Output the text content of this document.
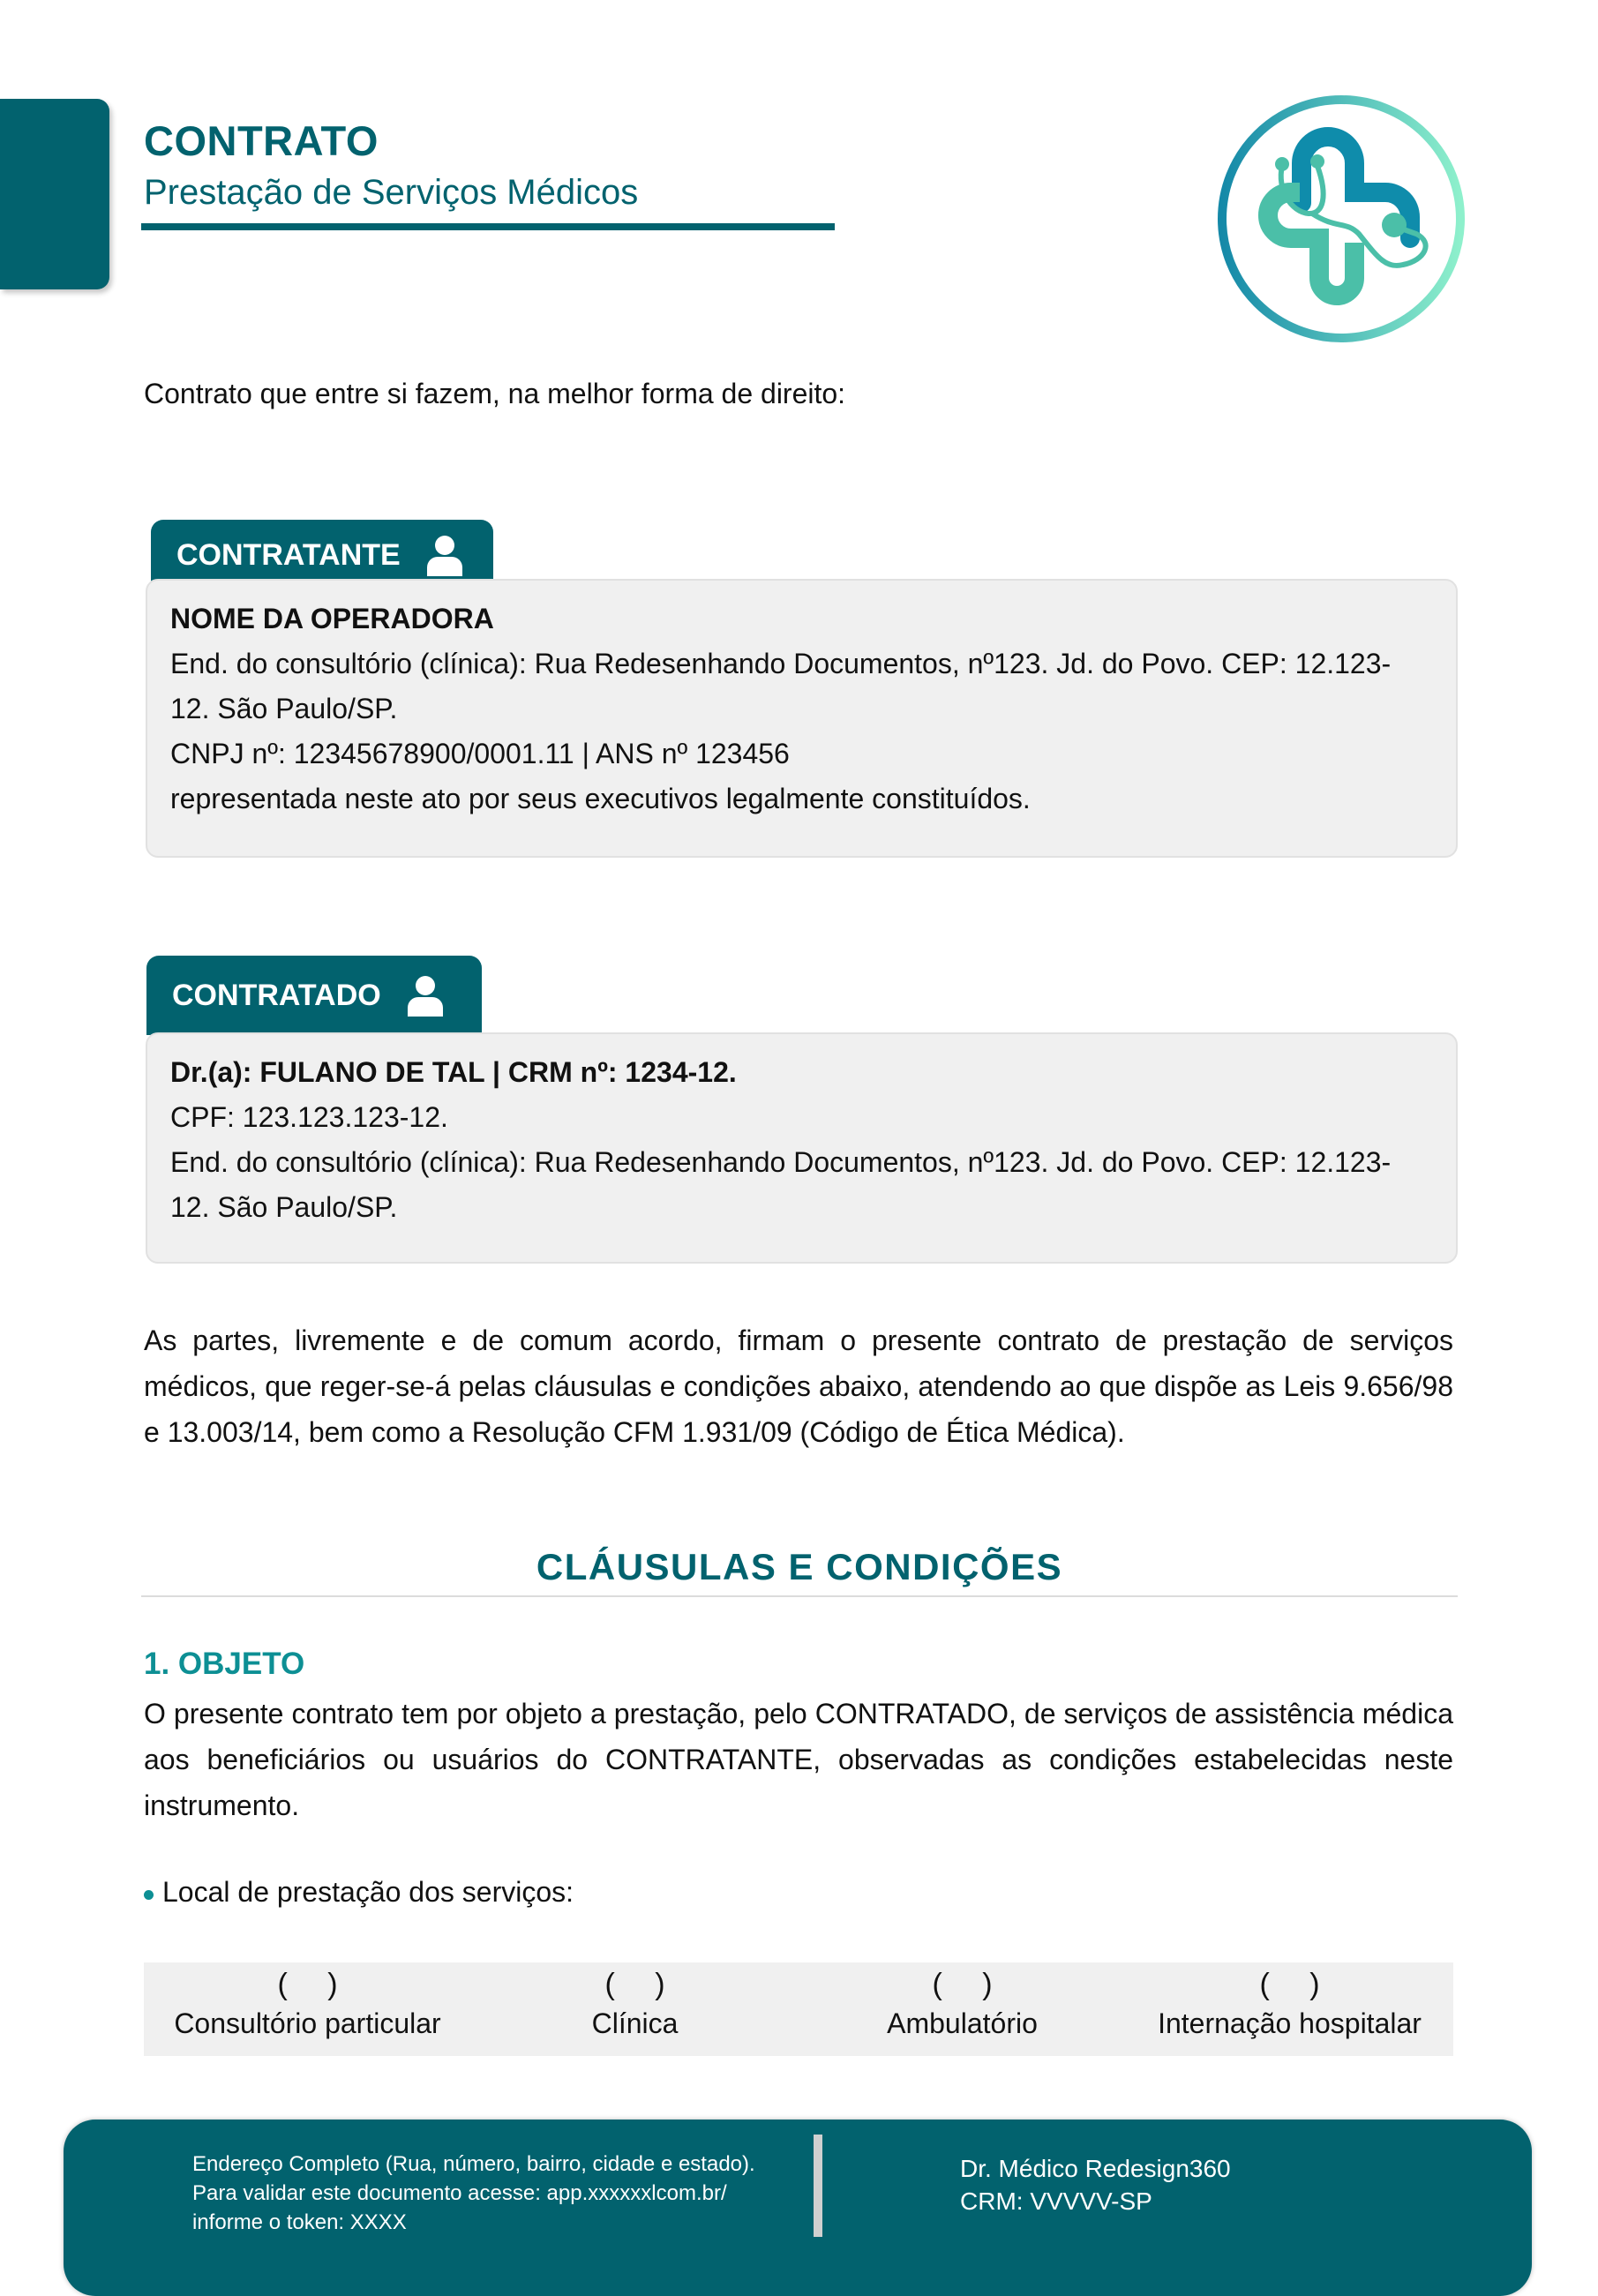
CONTRATO
Prestação de Serviços Médicos
Contrato que entre si fazem, na melhor forma de direito:
CONTRATANTE
NOME DA OPERADORA
End. do consultório (clínica): Rua Redesenhando Documentos, nº123. Jd. do Povo. CEP: 12.123-
12. São Paulo/SP.
CNPJ nº: 12345678900/0001.11 | ANS nº 123456
representada neste ato por seus executivos legalmente constituídos.
CONTRATADO
Dr.(a): FULANO DE TAL | CRM nº: 1234-12.
CPF: 123.123.123-12.
End. do consultório (clínica): Rua Redesenhando Documentos, nº123. Jd. do Povo. CEP: 12.123-
12. São Paulo/SP.
As partes, livremente e de comum acordo, firmam o presente contrato de prestação de serviços médicos, que reger-se-á pelas cláusulas e condições abaixo, atendendo ao que dispõe as Leis 9.656/98 e 13.003/14, bem como a Resolução CFM 1.931/09 (Código de Ética Médica).
CLÁUSULAS E CONDIÇÕES
1. OBJETO
O presente contrato tem por objeto a prestação, pelo CONTRATADO, de serviços de assistência médica aos beneficiários ou usuários do CONTRATANTE, observadas as condições estabelecidas neste instrumento.
Local de prestação dos serviços:
( )
Consultório particular
( )
Clínica
( )
Ambulatório
( )
Internação hospitalar
Endereço Completo (Rua, número, bairro, cidade e estado).
Para validar este documento acesse: app.xxxxxxlcom.br/
informe o token: XXXX
Dr. Médico Redesign360
CRM: VVVVV-SP
